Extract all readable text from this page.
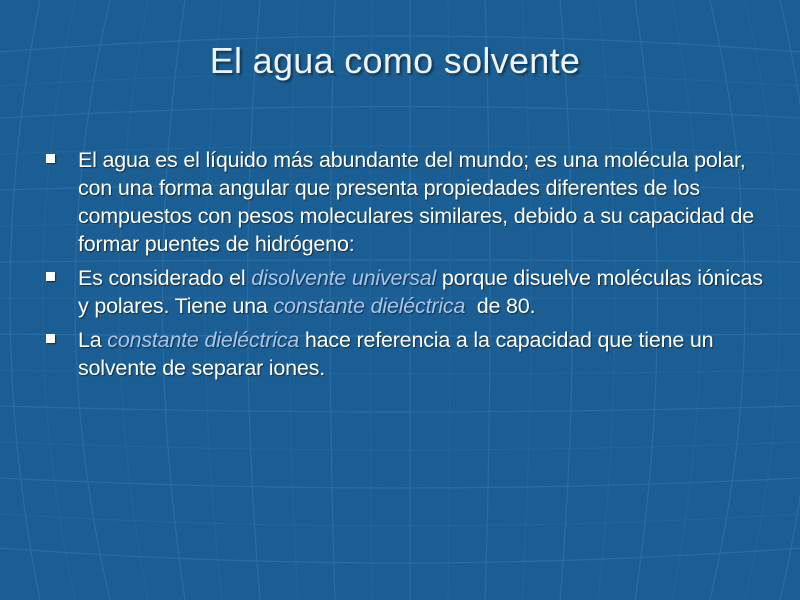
El agua como solvente
El agua es el líquido más abundante del mundo; es una molécula polar, con una forma angular que presenta propiedades diferentes de los compuestos con pesos moleculares similares, debido a su capacidad de formar puentes de hidrógeno:
Es considerado el disolvente universal porque disuelve moléculas iónicas y polares. Tiene una constante dieléctrica  de 80.
La constante dieléctrica hace referencia a la capacidad que tiene un solvente de separar iones.
